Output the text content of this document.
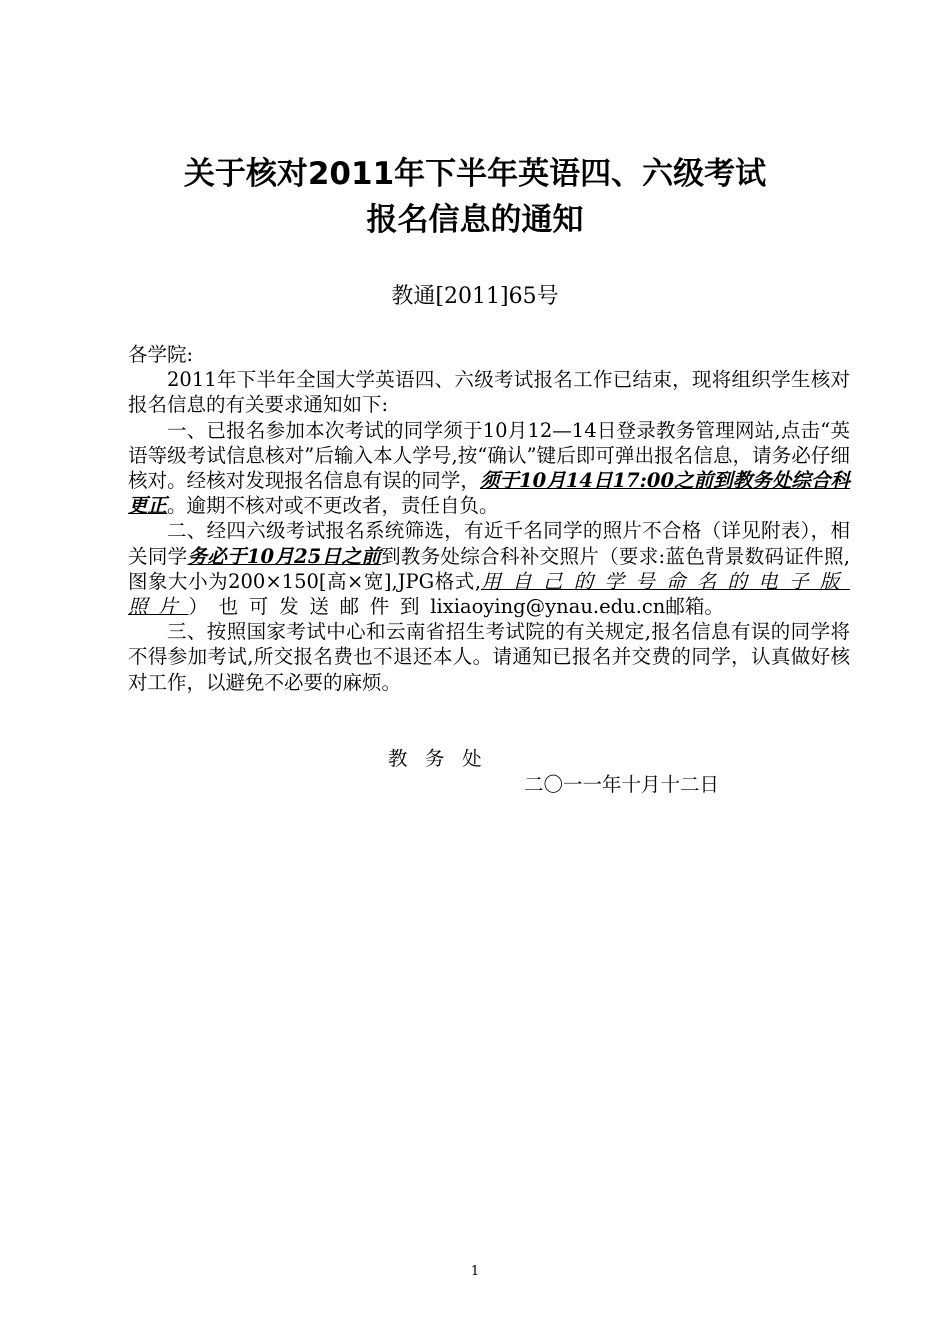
关于核对2011年下半年英语四、六级考试
报名信息的通知
教通[2011]65号

各学院:

2011年下半年全国大学英语四、六级考试报名工作已结束，现将组织学生核对报名信息的有关要求通知如下:

一、已报名参加本次考试的同学须于10月12—14日登录教务管理网站,点击“英语等级考试信息核对”后输入本人学号,按“确认”键后即可弹出报名信息，请务必仔细核对。经核对发现报名信息有误的同学，须于10月14日17:00之前到教务处综合科更正。逾期不核对或不更改者，责任自负。

二、经四六级考试报名系统筛选，有近千名同学的照片不合格（详见附表），相关同学务必于10月25日之前到教务处综合科补交照片（要求:蓝色背景数码证件照,图象大小为200×150[高×宽],JPG格式,用自己的学号命名的电子版照片）也可发送邮件到lixiaoying@ynau.edu.cn邮箱。

三、按照国家考试中心和云南省招生考试院的有关规定,报名信息有误的同学将不得参加考试,所交报名费也不退还本人。请通知已报名并交费的同学，认真做好核对工作，以避免不必要的麻烦。

教务处
二〇一一年十月十二日
1
